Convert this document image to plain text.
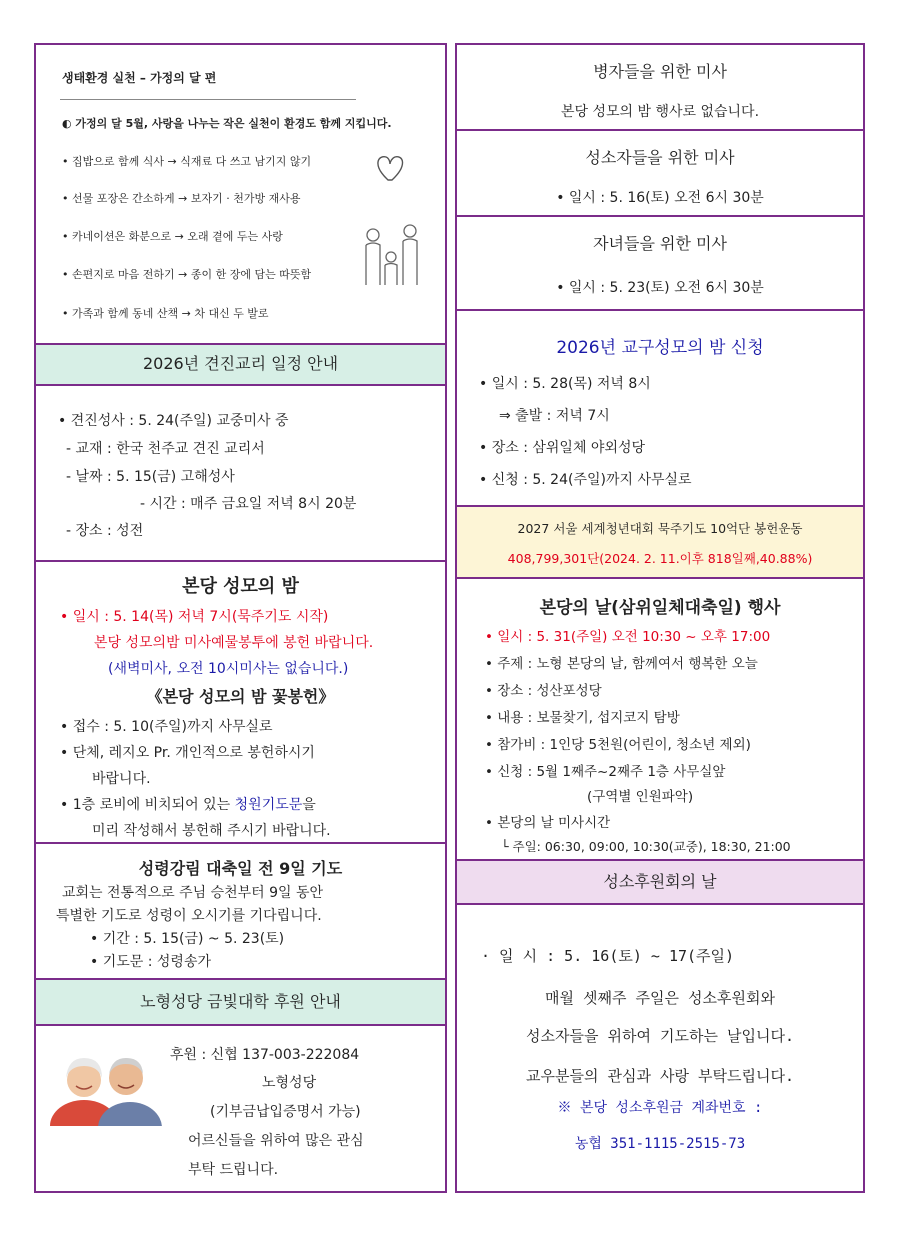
생태환경 실천 – 가정의 달 편
◐ 가정의 달 5월, 사랑을 나누는 작은 실천이 환경도 함께 지킵니다.
• 집밥으로 함께 식사 → 식재료 다 쓰고 남기지 않기
• 선물 포장은 간소하게 → 보자기 · 천가방 재사용
• 카네이션은 화분으로 → 오래 곁에 두는 사랑
• 손편지로 마음 전하기 → 종이 한 장에 담는 따뜻함
• 가족과 함께 동네 산책 → 차 대신 두 발로
2026년 견진교리 일정 안내
• 견진성사 : 5. 24(주일) 교중미사 중
- 교재 : 한국 천주교 견진 교리서
- 날짜 : 5. 15(금) 고해성사
- 시간 : 매주 금요일 저녁 8시 20분
- 장소 : 성전
본당 성모의 밤
• 일시 : 5. 14(목) 저녁 7시(묵주기도 시작)
본당 성모의밤 미사예물봉투에 봉헌 바랍니다.
(새벽미사, 오전 10시미사는 없습니다.)
《본당 성모의 밤 꽃봉헌》
• 접수 : 5. 10(주일)까지 사무실로
• 단체, 레지오 Pr. 개인적으로 봉헌하시기
바랍니다.
• 1층 로비에 비치되어 있는 청원기도문을
미리 작성해서 봉헌해 주시기 바랍니다.
성령강림 대축일 전 9일 기도
교회는 전통적으로 주님 승천부터 9일 동안
특별한 기도로 성령이 오시기를 기다립니다.
• 기간 : 5. 15(금) ~ 5. 23(토)
• 기도문 : 성령송가
노형성당 금빛대학 후원 안내
후원 : 신협 137-003-222084
노형성당
(기부금납입증명서 가능)
어르신들을 위하여 많은 관심
부탁 드립니다.
병자들을 위한 미사
본당 성모의 밤 행사로 없습니다.
성소자들을 위한 미사
• 일시 : 5. 16(토) 오전 6시 30분
자녀들을 위한 미사
• 일시 : 5. 23(토) 오전 6시 30분
2026년 교구성모의 밤 신청
• 일시 : 5. 28(목) 저녁 8시
⇒ 출발 : 저녁 7시
• 장소 : 삼위일체 야외성당
• 신청 : 5. 24(주일)까지 사무실로
2027 서울 세계청년대회 묵주기도 10억단 봉헌운동
408,799,301단(2024. 2. 11.이후 818일째,40.88%)
본당의 날(삼위일체대축일) 행사
• 일시 : 5. 31(주일) 오전 10:30 ~ 오후 17:00
• 주제 : 노형 본당의 날, 함께여서 행복한 오늘
• 장소 : 성산포성당
• 내용 : 보물찾기, 섭지코지 탐방
• 참가비 : 1인당 5천원(어린이, 청소년 제외)
• 신청 : 5월 1째주~2째주 1층 사무실앞
(구역별 인원파악)
• 본당의 날 미사시간
└ 주일: 06:30, 09:00, 10:30(교중), 18:30, 21:00
성소후원회의 날
· 일 시 : 5. 16(토) ~ 17(주일)
매월 셋째주 주일은 성소후원회와
성소자들을 위하여 기도하는 날입니다.
교우분들의 관심과 사랑 부탁드립니다.
※ 본당 성소후원금 계좌번호 :
농협 351-1115-2515-73
